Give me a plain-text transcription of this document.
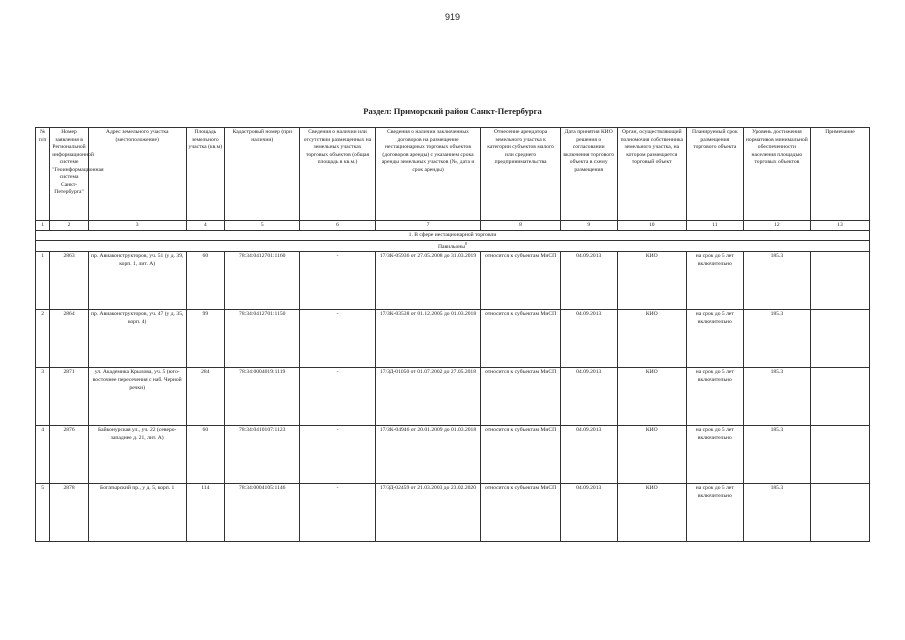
919
Раздел: Приморский район Санкт-Петербурга
№ п/п	Номер заявления в Региональной информационной системе "Геоинформационная система Санкт-Петербурга"	Адрес земельного участка (местоположение)	Площадь земельного участка (кв.м)	Кадастровый номер (при наличии)	Сведения о наличии или отсутствии размещенных на земельных участках торговых объектов (общая площадь в кв.м.)	Сведения о наличии заключенных договоров на размещение нестационарных торговых объектов (договоров аренды) с указанием срока аренды земельных участков (№, дата и срок аренды)	Отнесение арендатора земельного участка к категории субъектов малого или среднего предпринимательства	Дата принятия КИО решения о согласовании включения торгового объекта в схему размещения	Орган, осуществляющий полномочия собственника земельного участка, на котором размещается торговый объект	Планируемый срок размещения торгового объекта	Уровень достижения нормативов минимальной обеспеченности населения площадью торговых объектов	Примечание
1	2	3	4	5	6	7	8	9	10	11	12	13
1. В сфере нестационарной торговли												
Павильоны$^8$
1	2863	пр. Авиаконструкторов, уч. 51 (у д. 39, корп. 1, лит. А)	60	78:34:0412701:1160	-	17/ЗК-05936 от 27.05.2008 до 31.03.2019	относится к субъектам МиСП	04.09.2013	КИО	на срок до 5 лет включительно	185.3	
2	2864	пр. Авиаконструкторов, уч. 47 (у д. 35, корп. 4)	99	78:34:0412701:1150	-	17/ЗК-03538 от 01.12.2005 до 01.03.2018	относится к субъектам МиСП	04.09.2013	КИО	на срок до 5 лет включительно	185.3	
3	2871	ул. Академика Крылова, уч. 5 (юго-восточнее пересечения с наб. Черной речки)	284	78:34:0004019:1119	-	17/ЗД-01050 от 01.07.2002 до 27.05.2018	относится к субъектам МиСП	04.09.2013	КИО	на срок до 5 лет включительно	185.3	
4	2876	Байконурская ул., уч. 22 (северо-западнее д. 21, лит. А)	60	78:34:0410107:1123	-	17/ЗК-04946 от 20.01.2009 до 01.03.2018	относится к субъектам МиСП	04.09.2013	КИО	на срок до 5 лет включительно	185.3	
5	2878	Богатырский пр., у д. 5, корп. 1	114	78:34:0004105:1146	-	17/ЗД-02459 от 21.03.2003 до 23.02.2020	относится к субъектам МиСП	04.09.2013	КИО	на срок до 5 лет включительно	185.3	
